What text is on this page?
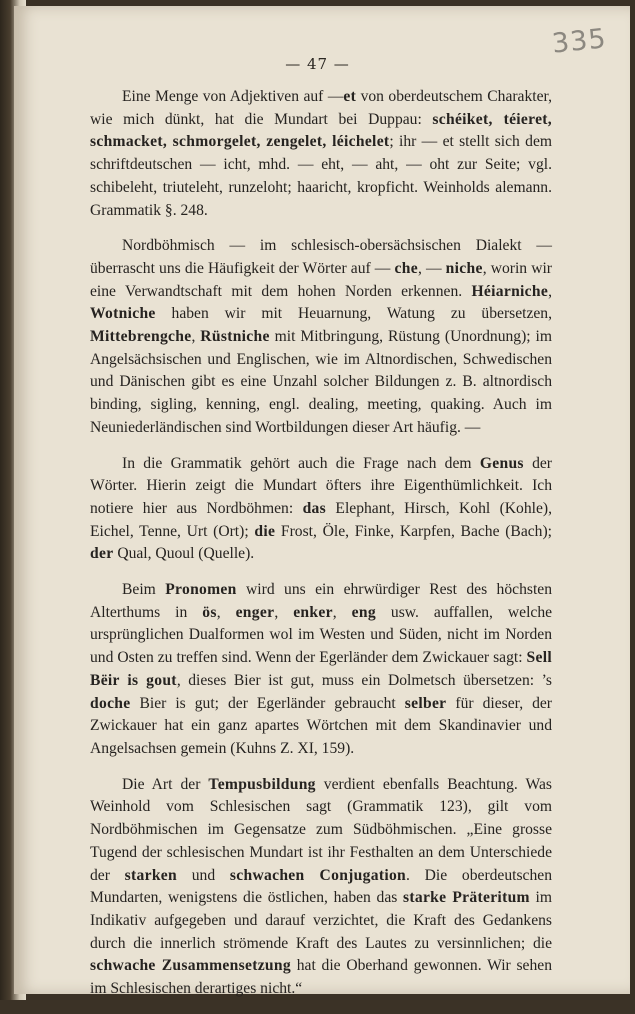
335
— 47 —

Eine Menge von Adjektiven auf —et von oberdeutschem Charakter, wie mich dünkt, hat die Mundart bei Duppau: schéiket, téieret, schmacket, schmorgelet, zengelet, léichelet; ihr — et stellt sich dem schriftdeutschen — icht, mhd. — eht, — aht, — oht zur Seite; vgl. schibeleht, triuteleht, runzeloht; haaricht, kropficht. Weinholds alemann. Grammatik §. 248.

Nordböhmisch — im schlesisch-obersächsischen Dialekt — überrascht uns die Häufigkeit der Wörter auf — che, — niche, worin wir eine Verwandtschaft mit dem hohen Norden erkennen. Héiarniche, Wotniche haben wir mit Heuarnung, Watung zu übersetzen, Mittebrengche, Rüstniche mit Mitbringung, Rüstung (Unordnung); im Angelsächsischen und Englischen, wie im Altnordischen, Schwedischen und Dänischen gibt es eine Unzahl solcher Bildungen z. B. altnordisch binding, sigling, kenning, engl. dealing, meeting, quaking. Auch im Neuniederländischen sind Wortbildungen dieser Art häufig. —

In die Grammatik gehört auch die Frage nach dem Genus der Wörter. Hierin zeigt die Mundart öfters ihre Eigenthümlichkeit. Ich notiere hier aus Nordböhmen: das Elephant, Hirsch, Kohl (Kohle), Eichel, Tenne, Urt (Ort); die Frost, Öle, Finke, Karpfen, Bache (Bach); der Qual, Quoul (Quelle).

Beim Pronomen wird uns ein ehrwürdiger Rest des höchsten Alterthums in ös, enger, enker, eng usw. auffallen, welche ursprünglichen Dualformen wol im Westen und Süden, nicht im Norden und Osten zu treffen sind. Wenn der Egerländer dem Zwickauer sagt: Sell Bëir is gout, dieses Bier ist gut, muss ein Dolmetsch übersetzen: ’s doche Bier is gut; der Egerländer gebraucht selber für dieser, der Zwickauer hat ein ganz apartes Wörtchen mit dem Skandinavier und Angelsachsen gemein (Kuhns Z. XI, 159).

Die Art der Tempusbildung verdient ebenfalls Beachtung. Was Weinhold vom Schlesischen sagt (Grammatik 123), gilt vom Nordböhmischen im Gegensatze zum Südböhmischen. „Eine grosse Tugend der schlesischen Mundart ist ihr Festhalten an dem Unterschiede der starken und schwachen Conjugation. Die oberdeutschen Mundarten, wenigstens die östlichen, haben das starke Präteritum im Indikativ aufgegeben und darauf verzichtet, die Kraft des Gedankens durch die innerlich strömende Kraft des Lautes zu versinnlichen; die schwache Zusammensetzung hat die Oberhand gewonnen. Wir sehen im Schlesischen derartiges nicht.“
